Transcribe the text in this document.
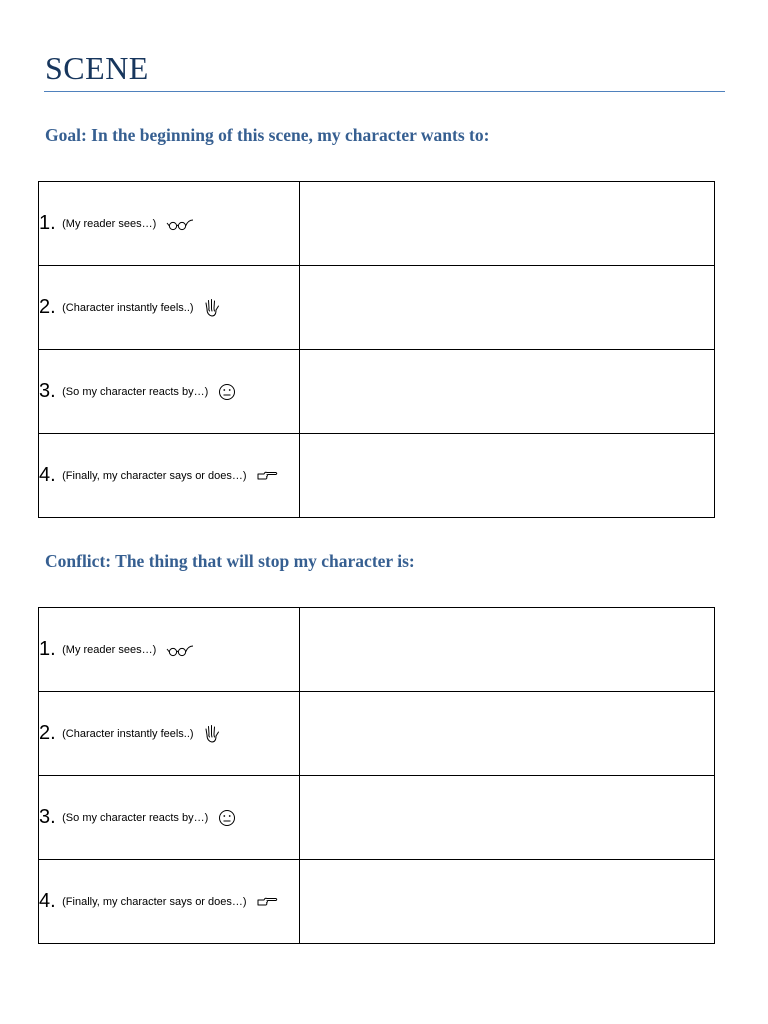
SCENE
Goal: In the beginning of this scene, my character wants to:
1. (My reader sees…)

2. (Character instantly feels..)

3. (So my character reacts by…)

4. (Finally, my character says or does…)

Conflict: The thing that will stop my character is:
1. (My reader sees…)

2. (Character instantly feels..)

3. (So my character reacts by…)

4. (Finally, my character says or does…)
